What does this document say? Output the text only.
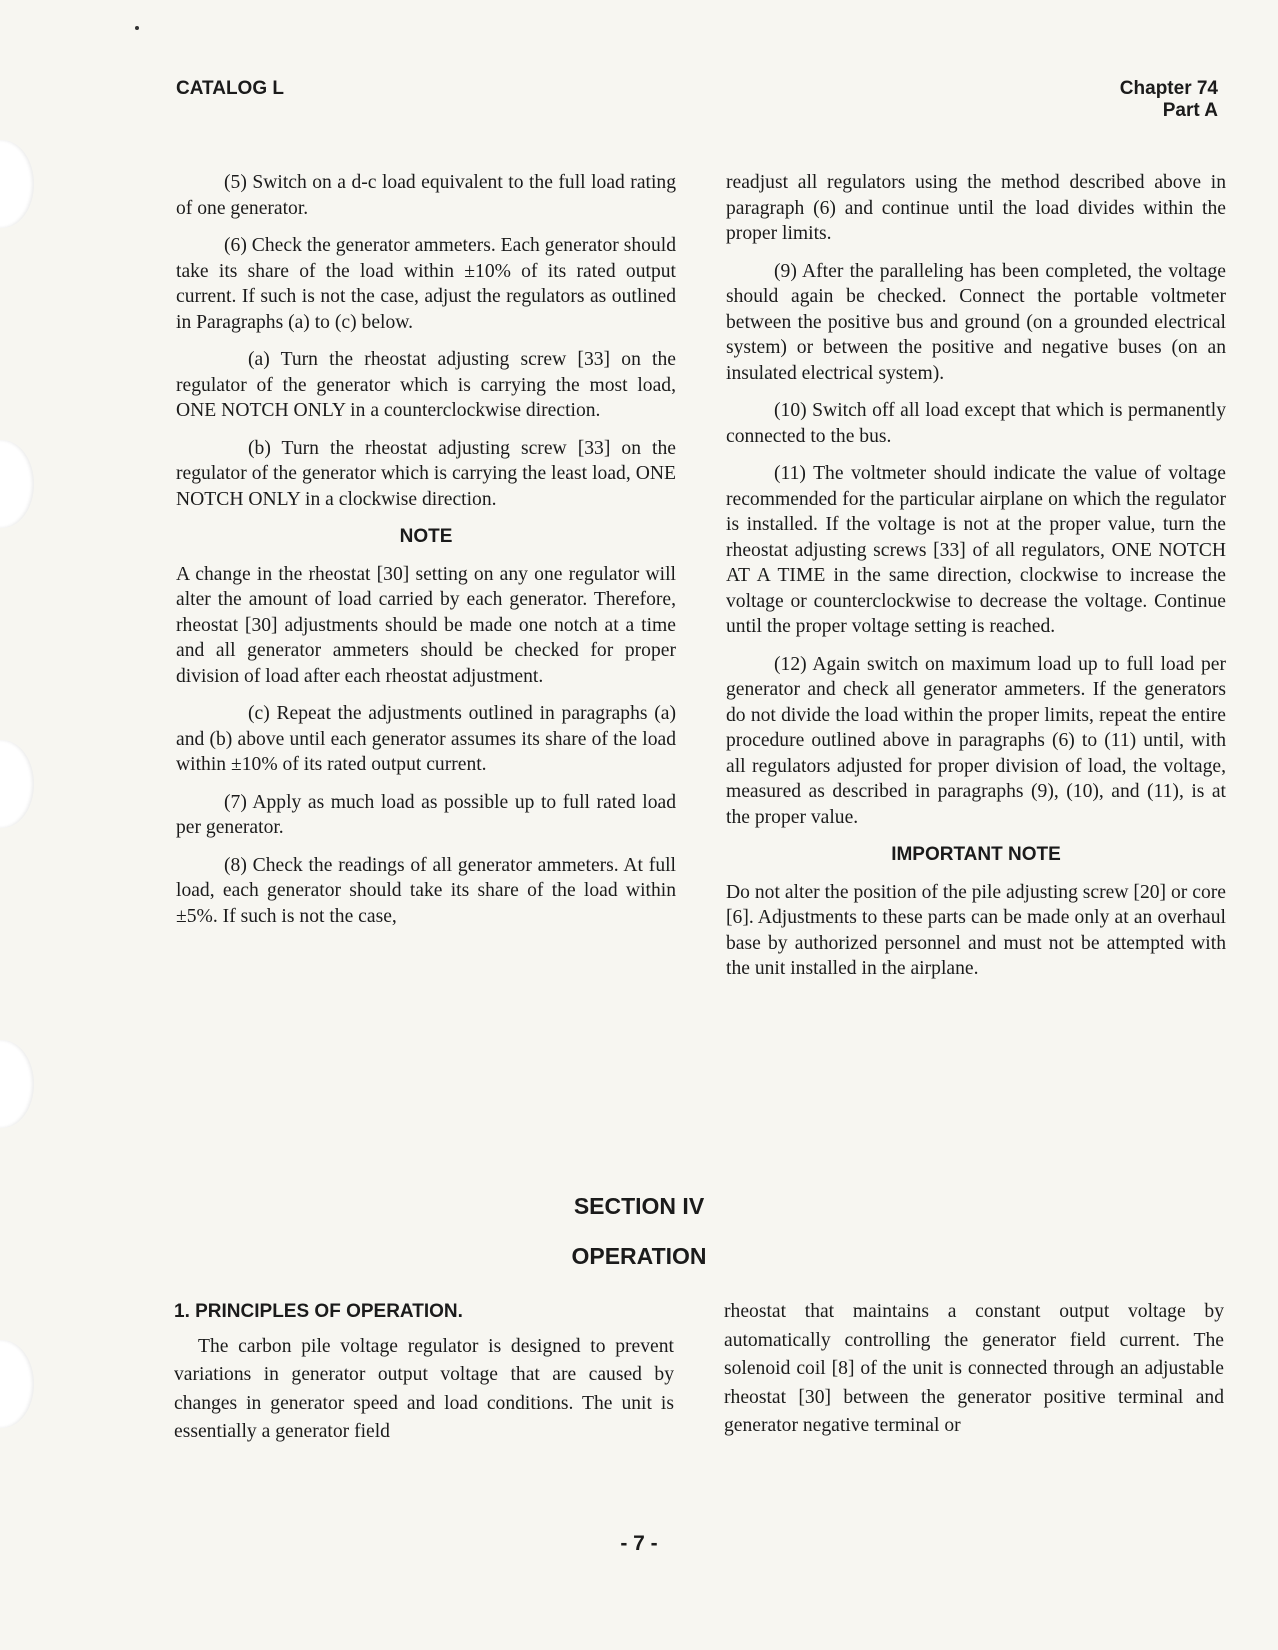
CATALOG L	Chapter 74
Part A

(5) Switch on a d-c load equivalent to the full load rating of one generator.

(6) Check the generator ammeters. Each generator should take its share of the load within ±10% of its rated output current. If such is not the case, adjust the regulators as outlined in Paragraphs (a) to (c) below.

(a) Turn the rheostat adjusting screw [33] on the regulator of the generator which is carrying the most load, ONE NOTCH ONLY in a counterclockwise direction.

(b) Turn the rheostat adjusting screw [33] on the regulator of the generator which is carrying the least load, ONE NOTCH ONLY in a clockwise direction.

NOTE

A change in the rheostat [30] setting on any one regulator will alter the amount of load carried by each generator. Therefore, rheostat [30] adjustments should be made one notch at a time and all generator ammeters should be checked for proper division of load after each rheostat adjustment.

(c) Repeat the adjustments outlined in paragraphs (a) and (b) above until each generator assumes its share of the load within ±10% of its rated output current.

(7) Apply as much load as possible up to full rated load per generator.

(8) Check the readings of all generator ammeters. At full load, each generator should take its share of the load within ±5%. If such is not the case,

readjust all regulators using the method described above in paragraph (6) and continue until the load divides within the proper limits.

(9) After the paralleling has been completed, the voltage should again be checked. Connect the portable voltmeter between the positive bus and ground (on a grounded electrical system) or between the positive and negative buses (on an insulated electrical system).

(10) Switch off all load except that which is permanently connected to the bus.

(11) The voltmeter should indicate the value of voltage recommended for the particular airplane on which the regulator is installed. If the voltage is not at the proper value, turn the rheostat adjusting screws [33] of all regulators, ONE NOTCH AT A TIME in the same direction, clockwise to increase the voltage or counterclockwise to decrease the voltage. Continue until the proper voltage setting is reached.

(12) Again switch on maximum load up to full load per generator and check all generator ammeters. If the generators do not divide the load within the proper limits, repeat the entire procedure outlined above in paragraphs (6) to (11) until, with all regulators adjusted for proper division of load, the voltage, measured as described in paragraphs (9), (10), and (11), is at the proper value.

IMPORTANT NOTE

Do not alter the position of the pile adjusting screw [20] or core [6]. Adjustments to these parts can be made only at an overhaul base by authorized personnel and must not be attempted with the unit installed in the airplane.

SECTION IV
OPERATION

1. PRINCIPLES OF OPERATION.

The carbon pile voltage regulator is designed to prevent variations in generator output voltage that are caused by changes in generator speed and load conditions. The unit is essentially a generator field

rheostat that maintains a constant output voltage by automatically controlling the generator field current. The solenoid coil [8] of the unit is connected through an adjustable rheostat [30] between the generator positive terminal and generator negative terminal or

- 7 -
